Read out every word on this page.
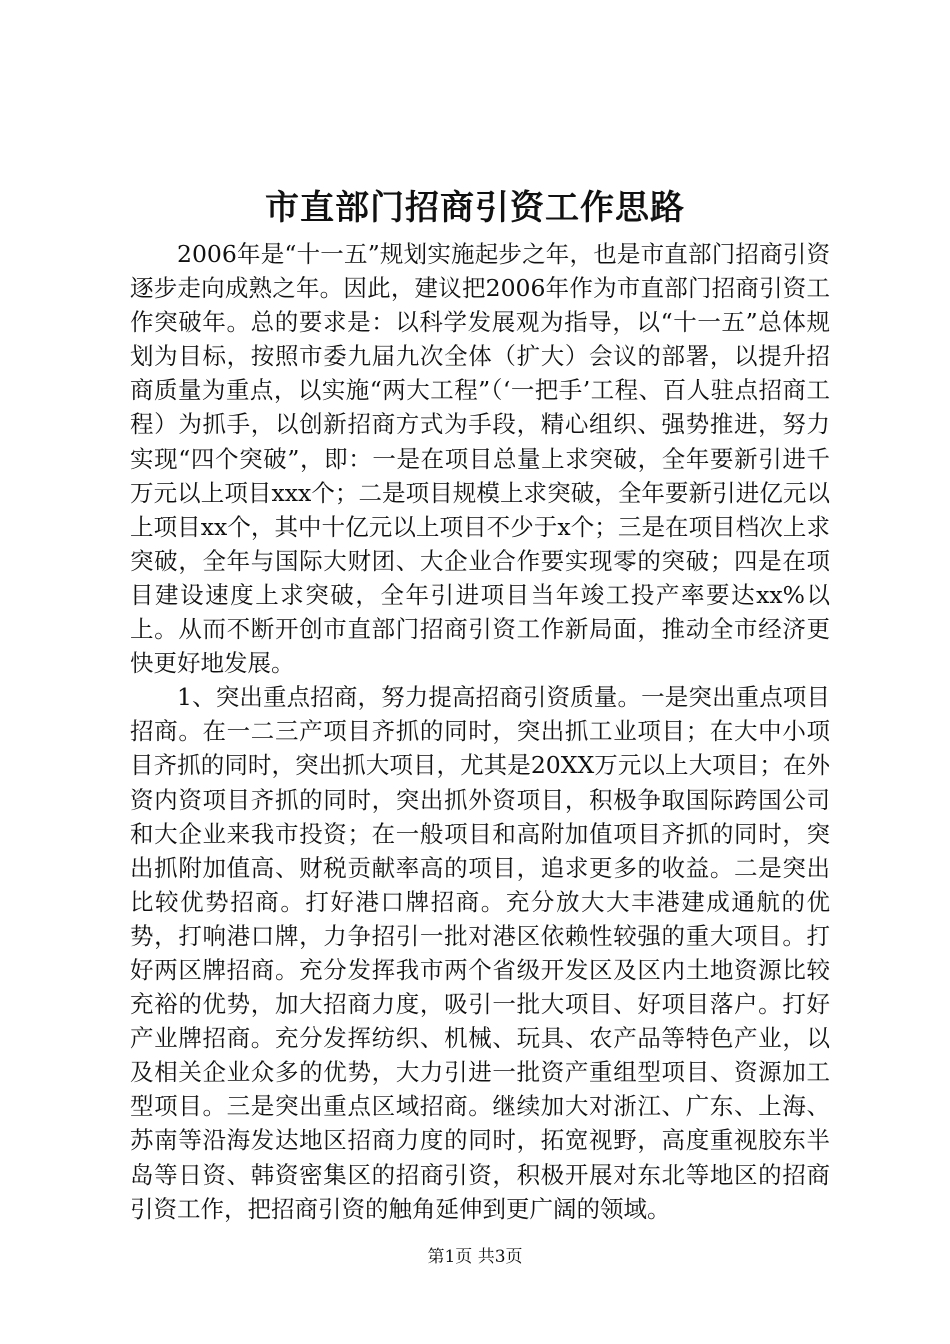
市直部门招商引资工作思路

2006年是“十一五”规划实施起步之年，也是市直部门招商引资逐步走向成熟之年。因此，建议把2006年作为市直部门招商引资工作突破年。总的要求是：以科学发展观为指导，以“十一五”总体规划为目标，按照市委九届九次全体（扩大）会议的部署，以提升招商质量为重点，以实施“两大工程”（‘一把手’工程、百人驻点招商工程）为抓手，以创新招商方式为手段，精心组织、强势推进，努力实现“四个突破”，即：一是在项目总量上求突破，全年要新引进千万元以上项目xxx个；二是项目规模上求突破，全年要新引进亿元以上项目xx个，其中十亿元以上项目不少于x个；三是在项目档次上求突破，全年与国际大财团、大企业合作要实现零的突破；四是在项目建设速度上求突破，全年引进项目当年竣工投产率要达xx%以上。从而不断开创市直部门招商引资工作新局面，推动全市经济更快更好地发展。

1、突出重点招商，努力提高招商引资质量。一是突出重点项目招商。在一二三产项目齐抓的同时，突出抓工业项目；在大中小项目齐抓的同时，突出抓大项目，尤其是20XX万元以上大项目；在外资内资项目齐抓的同时，突出抓外资项目，积极争取国际跨国公司和大企业来我市投资；在一般项目和高附加值项目齐抓的同时，突出抓附加值高、财税贡献率高的项目，追求更多的收益。二是突出比较优势招商。打好港口牌招商。充分放大大丰港建成通航的优势，打响港口牌，力争招引一批对港区依赖性较强的重大项目。打好两区牌招商。充分发挥我市两个省级开发区及区内土地资源比较充裕的优势，加大招商力度，吸引一批大项目、好项目落户。打好产业牌招商。充分发挥纺织、机械、玩具、农产品等特色产业，以及相关企业众多的优势，大力引进一批资产重组型项目、资源加工型项目。三是突出重点区域招商。继续加大对浙江、广东、上海、苏南等沿海发达地区招商力度的同时，拓宽视野，高度重视胶东半岛等日资、韩资密集区的招商引资，积极开展对东北等地区的招商引资工作，把招商引资的触角延伸到更广阔的领域。

第1页 共3页
